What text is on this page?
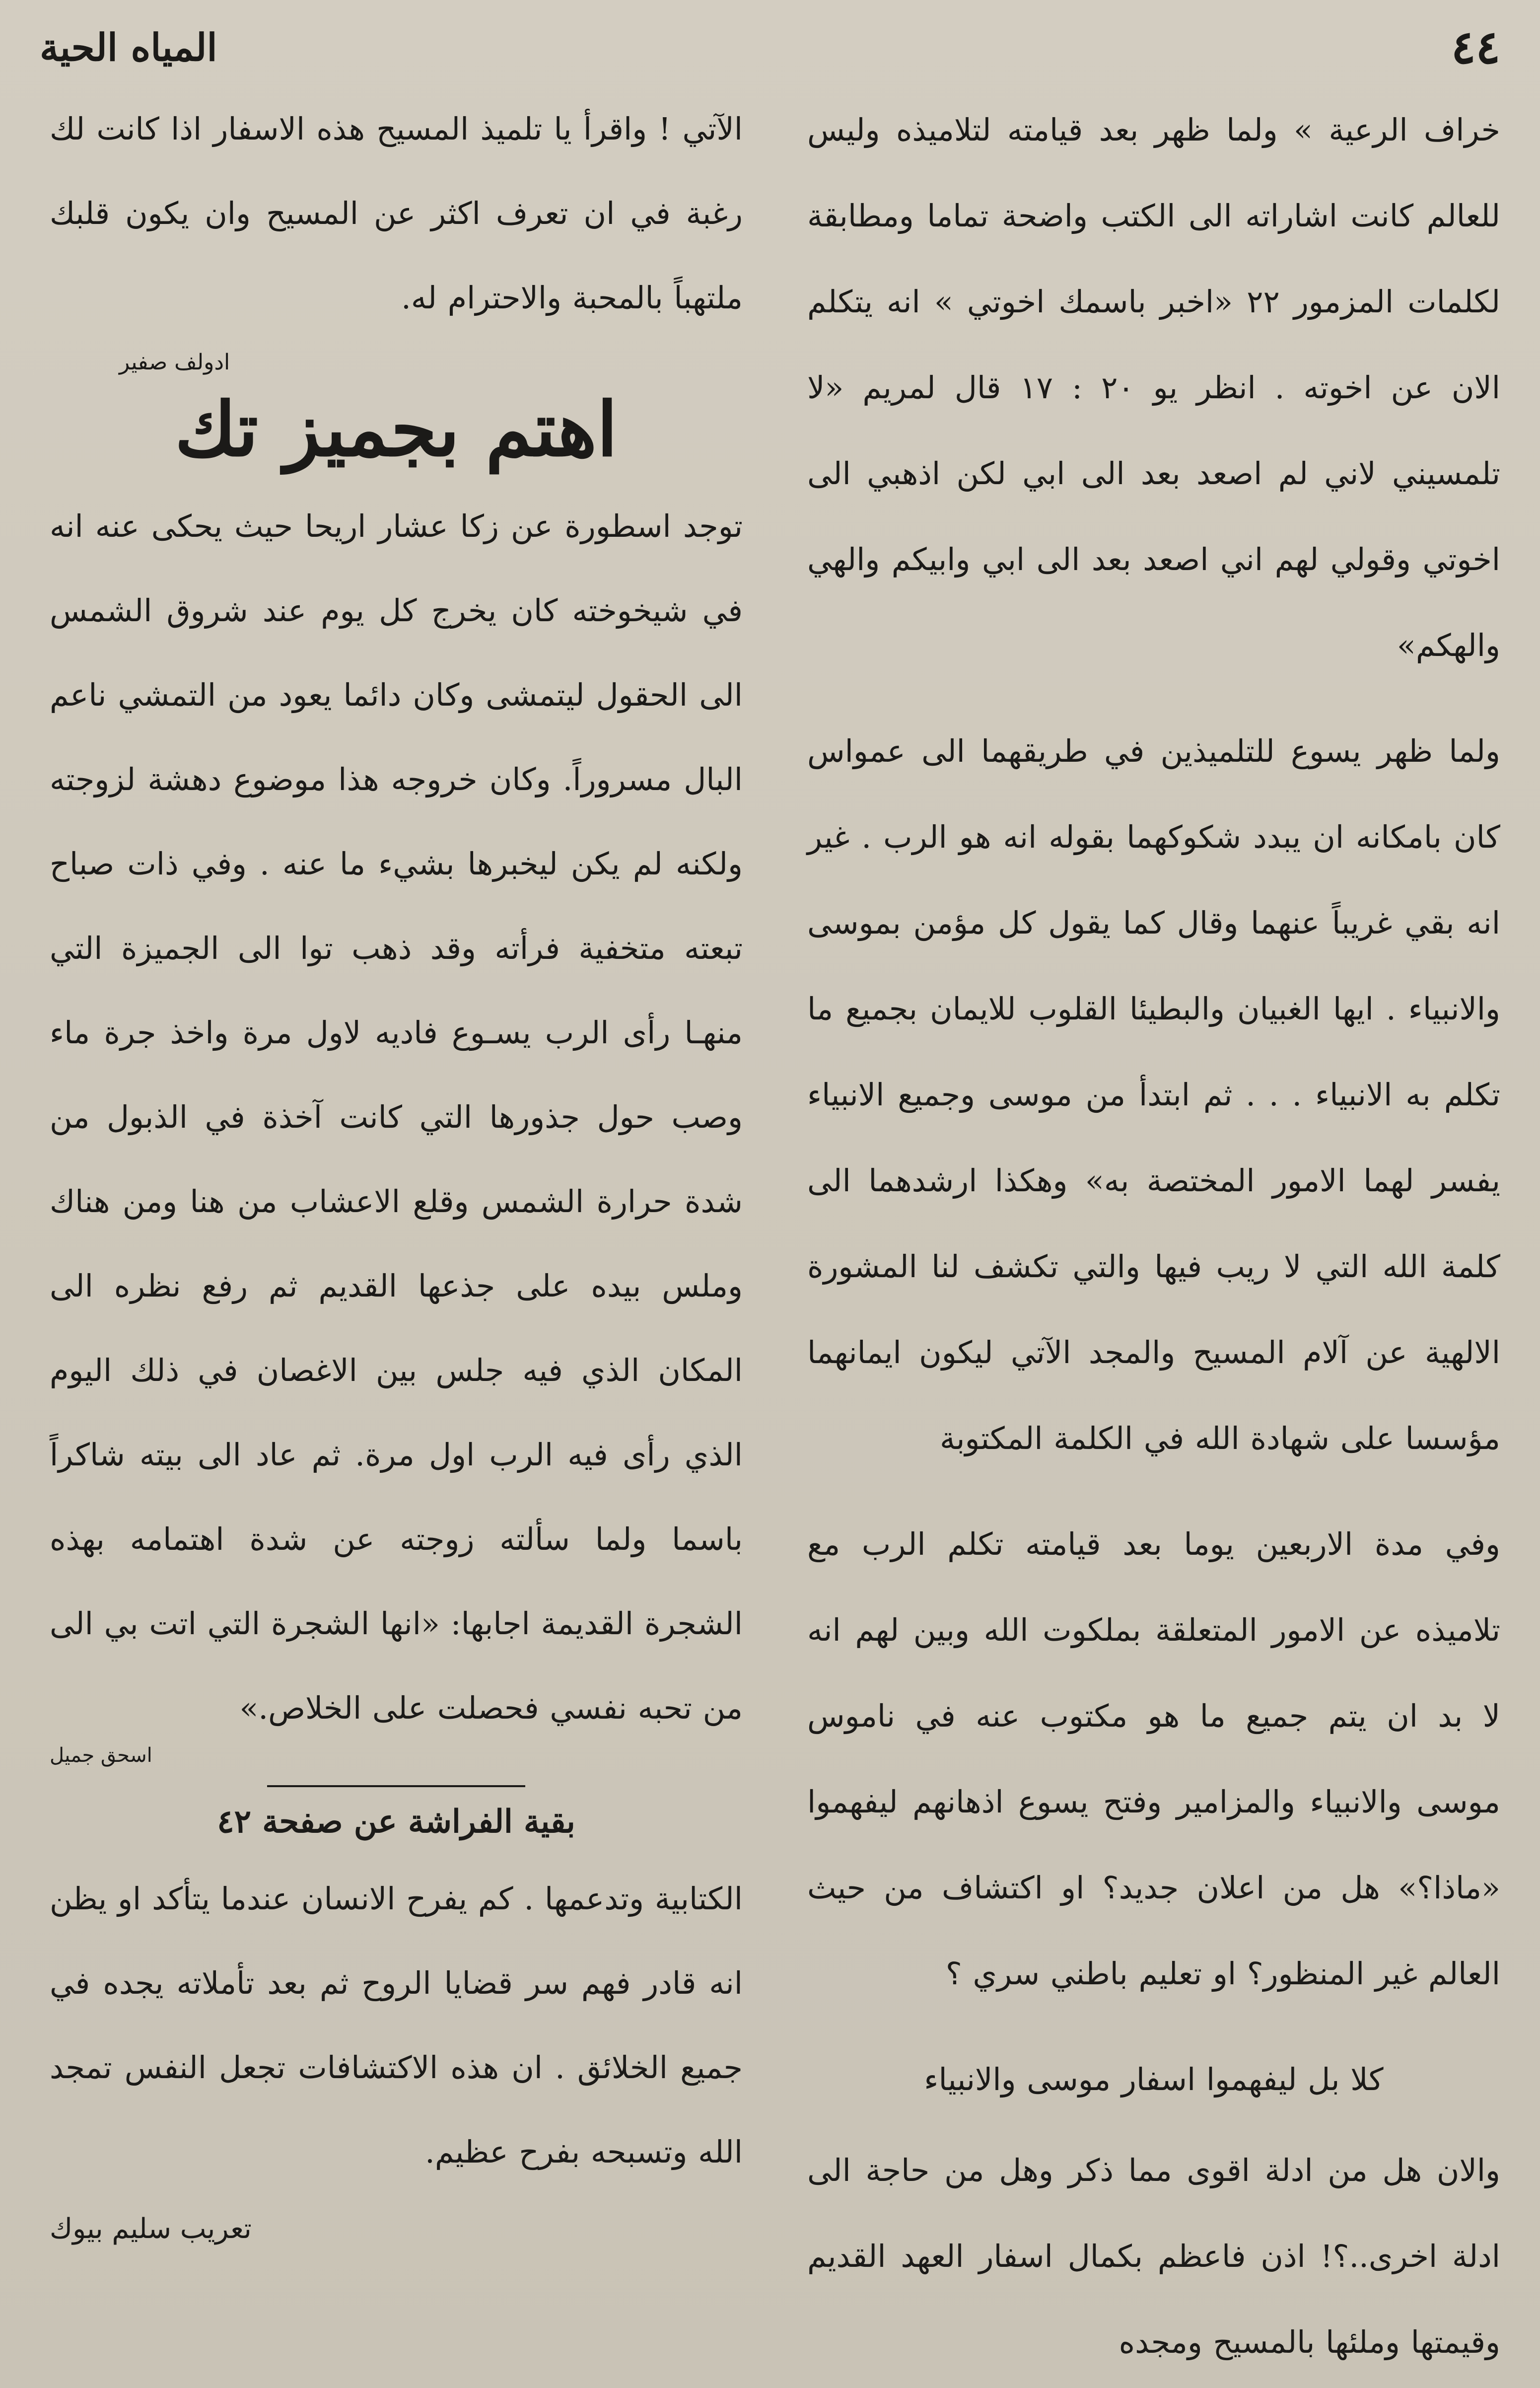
٤٤
المياه الحية

خراف الرعية » ولما ظهر بعد قيامته لتلاميذه وليس للعالم كانت اشاراته الى الكتب واضحة تماما ومطابقة لكلمات المزمور ٢٢ «اخبر باسمك اخوتي » انه يتكلم الان عن اخوته . انظر يو ٢٠ : ١٧ قال لمريم «لا تلمسيني لاني لم اصعد بعد الى ابي لكن اذهبي الى اخوتي وقولي لهم اني اصعد بعد الى ابي وابيكم والهي والهكم»

ولما ظهر يسوع للتلميذين في طريقهما الى عمواس كان بامكانه ان يبدد شكوكهما بقوله انه هو الرب . غير انه بقي غريباً عنهما وقال كما يقول كل مؤمن بموسى والانبياء . ايها الغبيان والبطيئا القلوب للايمان بجميع ما تكلم به الانبياء . . . ثم ابتدأ من موسى وجميع الانبياء يفسر لهما الامور المختصة به» وهكذا ارشدهما الى كلمة الله التي لا ريب فيها والتي تكشف لنا المشورة الالهية عن آلام المسيح والمجد الآتي ليكون ايمانهما مؤسسا على شهادة الله في الكلمة المكتوبة

وفي مدة الاربعين يوما بعد قيامته تكلم الرب مع تلاميذه عن الامور المتعلقة بملكوت الله وبين لهم انه لا بد ان يتم جميع ما هو مكتوب عنه في ناموس موسى والانبياء والمزامير وفتح يسوع اذهانهم ليفهموا «ماذا؟» هل من اعلان جديد؟ او اكتشاف من حيث العالم غير المنظور؟ او تعليم باطني سري ؟

كلا بل ليفهموا اسفار موسى والانبياء

والان هل من ادلة اقوى مما ذكر وهل من حاجة الى ادلة اخرى..؟! اذن فاعظم بكمال اسفار العهد القديم وقيمتها وملئها بالمسيح ومجده

الآتي ! واقرأ يا تلميذ المسيح هذه الاسفار اذا كانت لك رغبة في ان تعرف اكثر عن المسيح وان يكون قلبك ملتهباً بالمحبة والاحترام له.

ادولف صفير
اهتم بجميز تك

توجد اسطورة عن زكا عشار اريحا حيث يحكى عنه انه في شيخوخته كان يخرج كل يوم عند شروق الشمس الى الحقول ليتمشى وكان دائما يعود من التمشي ناعم البال مسروراً. وكان خروجه هذا موضوع دهشة لزوجته ولكنه لم يكن ليخبرها بشيء ما عنه . وفي ذات صباح تبعته متخفية فرأته وقد ذهب توا الى الجميزة التي منهـا رأى الرب يسـوع فاديه لاول مرة واخذ جرة ماء وصب حول جذورها التي كانت آخذة في الذبول من شدة حرارة الشمس وقلع الاعشاب من هنا ومن هناك وملس بيده على جذعها القديم ثم رفع نظره الى المكان الذي فيه جلس بين الاغصان في ذلك اليوم الذي رأى فيه الرب اول مرة. ثم عاد الى بيته شاكراً باسما ولما سألته زوجته عن شدة اهتمامه بهذه الشجرة القديمة اجابها: «انها الشجرة التي اتت بي الى من تحبه نفسي فحصلت على الخلاص.»

اسحق جميل
بقية الفراشة عن صفحة ٤٢

الكتابية وتدعمها . كم يفرح الانسان عندما يتأكد او يظن انه قادر فهم سر قضايا الروح ثم بعد تأملاته يجده في جميع الخلائق . ان هذه الاكتشافات تجعل النفس تمجد الله وتسبحه بفرح عظيم.

تعريب سليم بيوك
